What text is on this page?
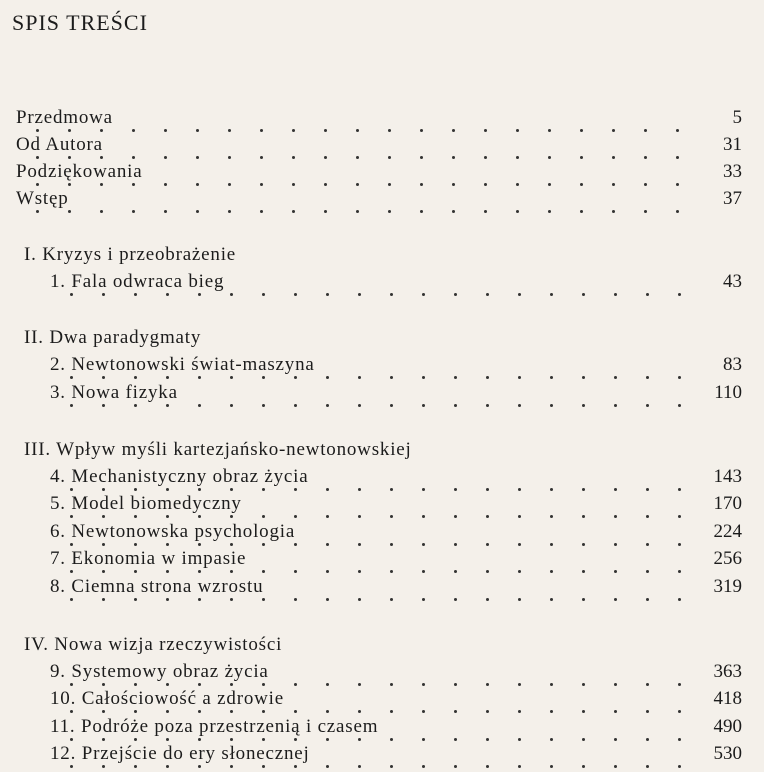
SPIS TREŚCI
Przedmowa	5
Od Autora	31
Podziękowania	33
Wstęp	37
I. Kryzys i przeobrażenie
1. Fala odwraca bieg	43
II. Dwa paradygmaty
2. Newtonowski świat-maszyna	83
3. Nowa fizyka	110
III. Wpływ myśli kartezjańsko-newtonowskiej
4. Mechanistyczny obraz życia	143
5. Model biomedyczny	170
6. Newtonowska psychologia	224
7. Ekonomia w impasie	256
8. Ciemna strona wzrostu	319
IV. Nowa wizja rzeczywistości
9. Systemowy obraz życia	363
10. Całościowość a zdrowie	418
11. Podróże poza przestrzenią i czasem	490
12. Przejście do ery słonecznej	530
